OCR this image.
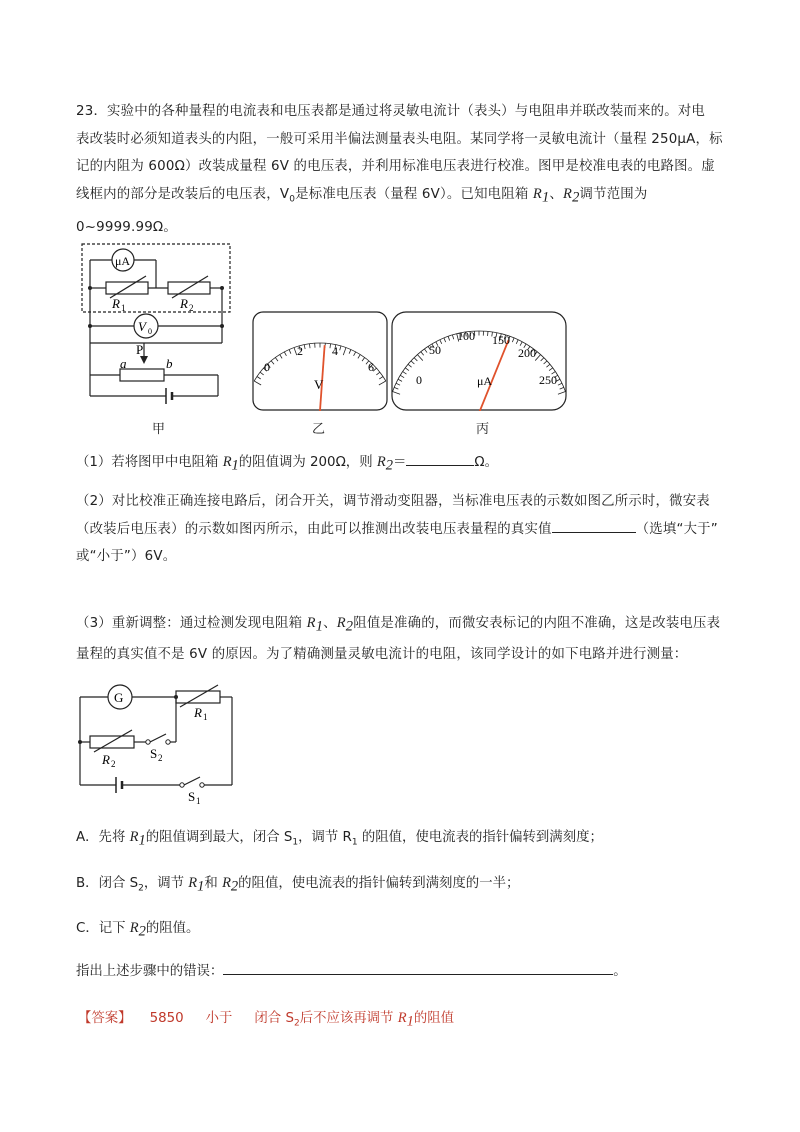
23．实验中的各种量程的电流表和电压表都是通过将灵敏电流计（表头）与电阻串并联改装而来的。对电
表改装时必须知道表头的内阻，一般可采用半偏法测量表头电阻。某同学将一灵敏电流计（量程 250μA，标
记的内阻为 600Ω）改装成量程 6V 的电压表，并利用标准电压表进行校准。图甲是校准电表的电路图。虚
线框内的部分是改装后的电压表，$V_0$是标准电压表（量程 6V）。已知电阻箱 $R_1$、$R_2$调节范围为 0~9999.99Ω。
μA
V 0
R 1	R 2
P
a	b	0
2 4
6
V	0
50
100 150
200
250
μA
甲	乙	丙
（1）若将图甲中电阻箱 $R_1$的阻值调为 200Ω，则 $R_2=$	Ω。
（2）对比校准正确连接电路后，闭合开关，调节滑动变阻器，当标准电压表的示数如图乙所示时，微安表
（改装后电压表）的示数如图丙所示，由此可以推测出改装电压表量程的真实值	（选填“大于”
或“小于”）6V。
（3）重新调整：通过检测发现电阻箱 $R_1$、$R_2$阻值是准确的，而微安表标记的内阻不准确，这是改装电压表
量程的真实值不是 6V 的原因。为了精确测量灵敏电流计的电阻，该同学设计的如下电路并进行测量：
G
R 1
R 2
S 2
S 1
A．先将 $R_1$的阻值调到最大，闭合 $S_1$，调节 $R_1$ 的阻值，使电流表的指针偏转到满刻度；
B．闭合 $S_2$，调节 $R_1$和 $R_2$的阻值，使电流表的指针偏转到满刻度的一半；
C．记下 $R_2$的阻值。
指出上述步骤中的错误：	。
【答案】 5850 小于 闭合 $S_2$后不应该再调节 $R_1$的阻值
